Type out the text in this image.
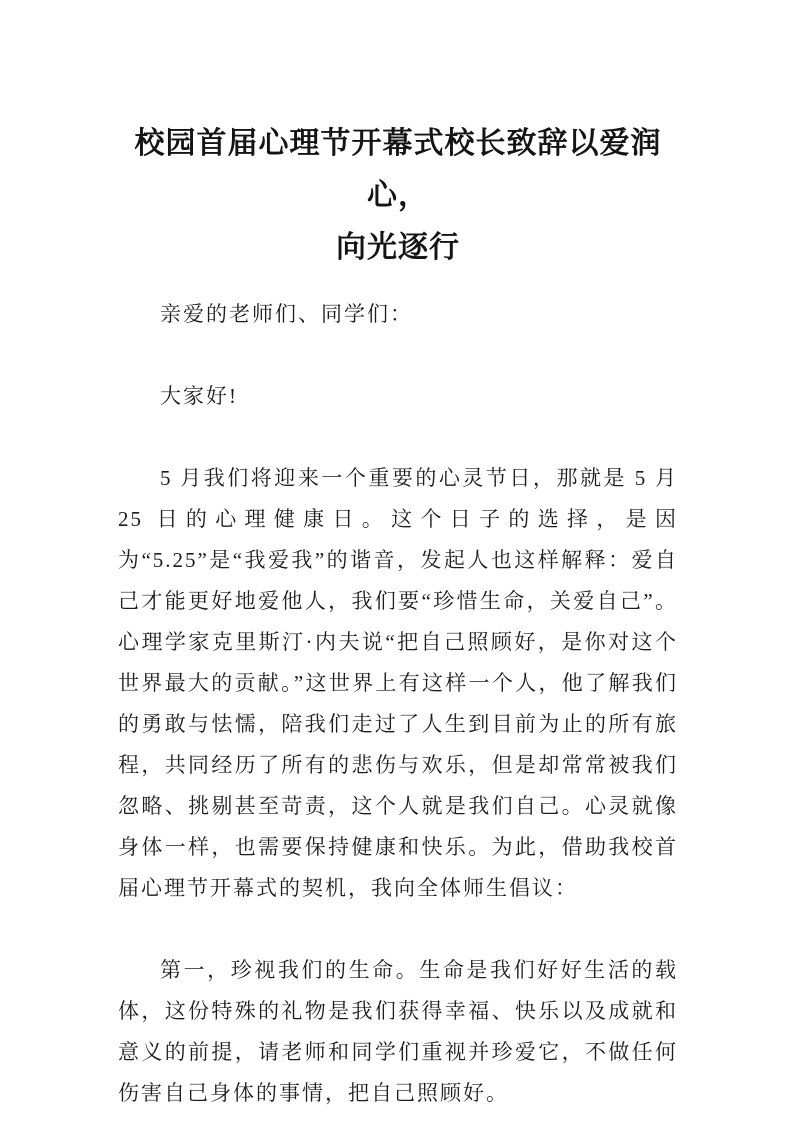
校园首届心理节开幕式校长致辞以爱润心，
向光逐行

亲爱的老师们、同学们：

大家好!

5 月我们将迎来一个重要的心灵节日，那就是 5 月 25 日的心理健康日。这个日子的选择，是因为“5.25”是“我爱我”的谐音，发起人也这样解释：爱自己才能更好地爱他人，我们要“珍惜生命，关爱自己”。心理学家克里斯汀·内夫说“把自己照顾好，是你对这个世界最大的贡献。”这世界上有这样一个人，他了解我们的勇敢与怯懦，陪我们走过了人生到目前为止的所有旅程，共同经历了所有的悲伤与欢乐，但是却常常被我们忽略、挑剔甚至苛责，这个人就是我们自己。心灵就像身体一样，也需要保持健康和快乐。为此，借助我校首届心理节开幕式的契机，我向全体师生倡议：

第一，珍视我们的生命。生命是我们好好生活的载体，这份特殊的礼物是我们获得幸福、快乐以及成就和意义的前提，请老师和同学们重视并珍爱它，不做任何伤害自己身体的事情，把自己照顾好。
